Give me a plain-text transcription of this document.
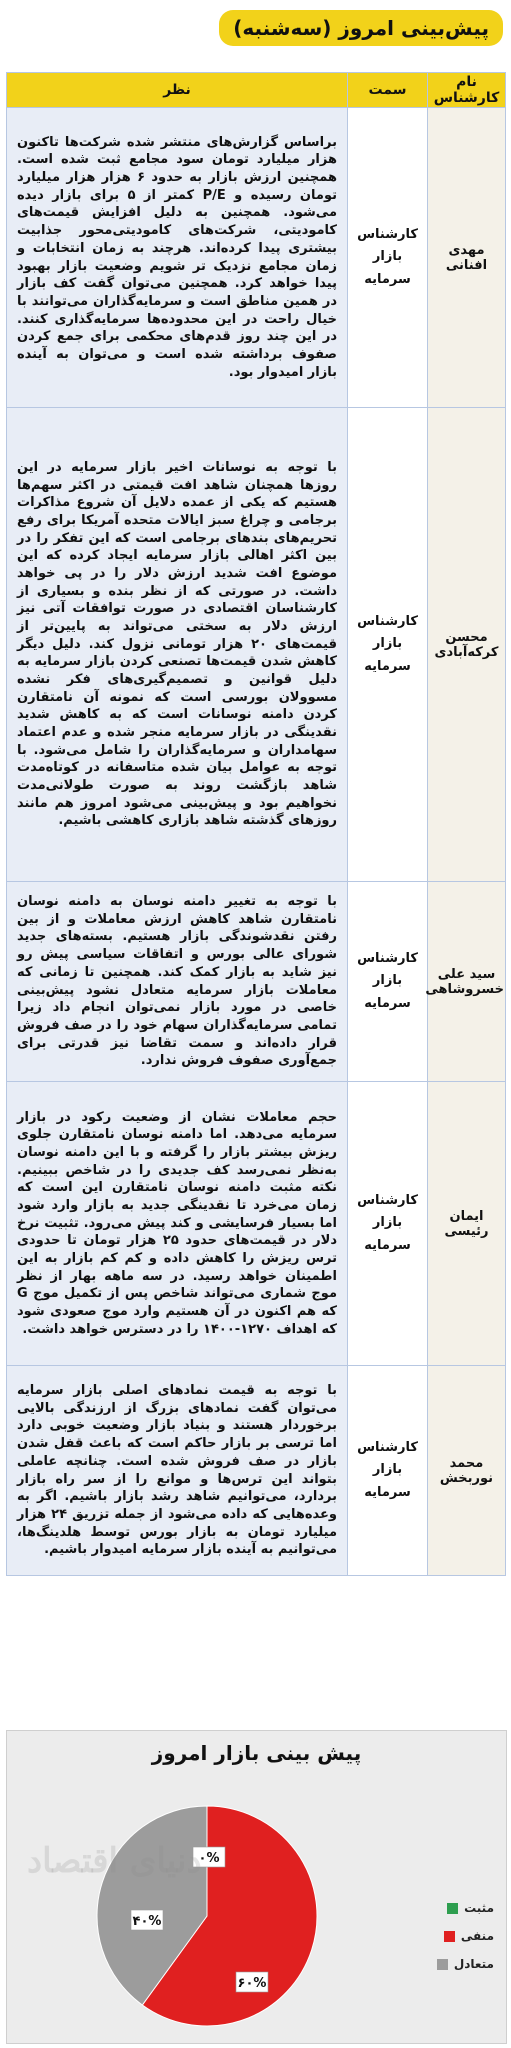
پیش‌بینی امروز (سه‌شنبه)
نام کارشناس	سمت	نظر
مهدی افنانی	کارشناس بازار سرمایه	براساس گزارش‌های منتشر شده شرکت‌ها تاکنون هزار میلیارد تومان سود مجامع ثبت شده است. همچنین ارزش بازار به حدود ۶ هزار هزار میلیارد تومان رسیده و P/E کمتر از ۵ برای بازار دیده می‌شود. همچنین به دلیل افزایش قیمت‌های کامودیتی، شرکت‌های کامودیتی‌محور جذابیت بیشتری پیدا کرده‌اند. هرچند به زمان انتخابات و زمان مجامع نزدیک تر شویم وضعیت بازار بهبود پیدا خواهد کرد. همچنین می‌توان گفت کف بازار در همین مناطق است و سرمایه‌گذاران می‌توانند با خیال راحت در این محدوده‌ها سرمایه‌گذاری کنند. در این چند روز قدم‌های محکمی برای جمع کردن صفوف برداشته شده است و می‌توان به آینده بازار امیدوار بود.
محسن کرکه‌آبادی	کارشناس بازار سرمایه	با توجه به نوسانات اخیر بازار سرمایه در این روزها همچنان شاهد افت قیمتی در اکثر سهم‌ها هستیم که یکی از عمده دلایل آن شروع مذاکرات برجامی و چراغ سبز ایالات متحده آمریکا برای رفع تحریم‌های بندهای برجامی است که این تفکر را در بین اکثر اهالی بازار سرمایه ایجاد کرده که این موضوع افت شدید ارزش دلار را در پی خواهد داشت. در صورتی که از نظر بنده و بسیاری از کارشناسان اقتصادی در صورت توافقات آتی نیز ارزش دلار به سختی می‌تواند به پایین‌تر از قیمت‌های ۲۰ هزار تومانی نزول کند. دلیل دیگر کاهش شدن قیمت‌ها تصنعی کردن بازار سرمایه به دلیل قوانین و تصمیم‌گیری‌های فکر نشده مسوولان بورسی است که نمونه آن نامتقارن کردن دامنه نوسانات است که به کاهش شدید نقدینگی در بازار سرمایه منجر شده و عدم اعتماد سهامداران و سرمایه‌گذاران را شامل می‌شود. با توجه به عوامل بیان شده متاسفانه در کوتاه‌مدت شاهد بازگشت روند به صورت طولانی‌مدت نخواهیم بود و پیش‌بینی می‌شود امروز هم مانند روزهای گذشته شاهد بازاری کاهشی باشیم.
سید علی خسروشاهی	کارشناس بازار سرمایه	با توجه به تغییر دامنه نوسان به دامنه نوسان نامتقارن شاهد کاهش ارزش معاملات و از بین رفتن نقدشوندگی بازار هستیم. بسته‌های جدید شورای عالی بورس و اتفاقات سیاسی پیش رو نیز شاید به بازار کمک کند. همچنین تا زمانی که معاملات بازار سرمایه متعادل نشود پیش‌بینی خاصی در مورد بازار نمی‌توان انجام داد زیرا تمامی سرمایه‌گذاران سهام خود را در صف فروش قرار داده‌اند و سمت تقاضا نیز قدرتی برای جمع‌آوری صفوف فروش ندارد.
ایمان رئیسی	کارشناس بازار سرمایه	حجم معاملات نشان از وضعیت رکود در بازار سرمایه می‌دهد. اما دامنه نوسان نامتقارن جلوی ریزش بیشتر بازار را گرفته و با این دامنه نوسان به‌نظر نمی‌رسد کف جدیدی را در شاخص ببینیم. نکته مثبت دامنه نوسان نامتقارن این است که زمان می‌خرد تا نقدینگی جدید به بازار وارد شود اما بسیار فرسایشی و کند پیش می‌رود. تثبیت نرخ دلار در قیمت‌های حدود ۲۵ هزار تومان تا حدودی ترس ریزش را کاهش داده و کم کم بازار به این اطمینان خواهد رسید. در سه ماهه بهار از نظر موج شماری می‌تواند شاخص پس از تکمیل موج G که هم اکنون در آن هستیم وارد موج صعودی شود که اهداف ۱۲۷۰-۱۴۰۰ را در دسترس خواهد داشت.
محمد نوربخش	کارشناس بازار سرمایه	با توجه به قیمت نمادهای اصلی بازار سرمایه می‌توان گفت نمادهای بزرگ از ارزندگی بالایی برخوردار هستند و بنیاد بازار وضعیت خوبی دارد اما ترسی بر بازار حاکم است که باعث قفل شدن بازار در صف فروش شده است. چنانچه عاملی بتواند این ترس‌ها و موانع را از سر راه بازار بردارد، می‌توانیم شاهد رشد بازار باشیم. اگر به وعده‌هایی که داده می‌شود از جمله تزریق ۲۴ هزار میلیارد تومان به بازار بورس توسط هلدینگ‌ها، می‌توانیم به آینده بازار سرمایه امیدوار باشیم.
پیش بینی بازار امروز
۰%
۶۰%
۴۰%
دنیای اقتصاد
مثبت
منفی
متعادل
